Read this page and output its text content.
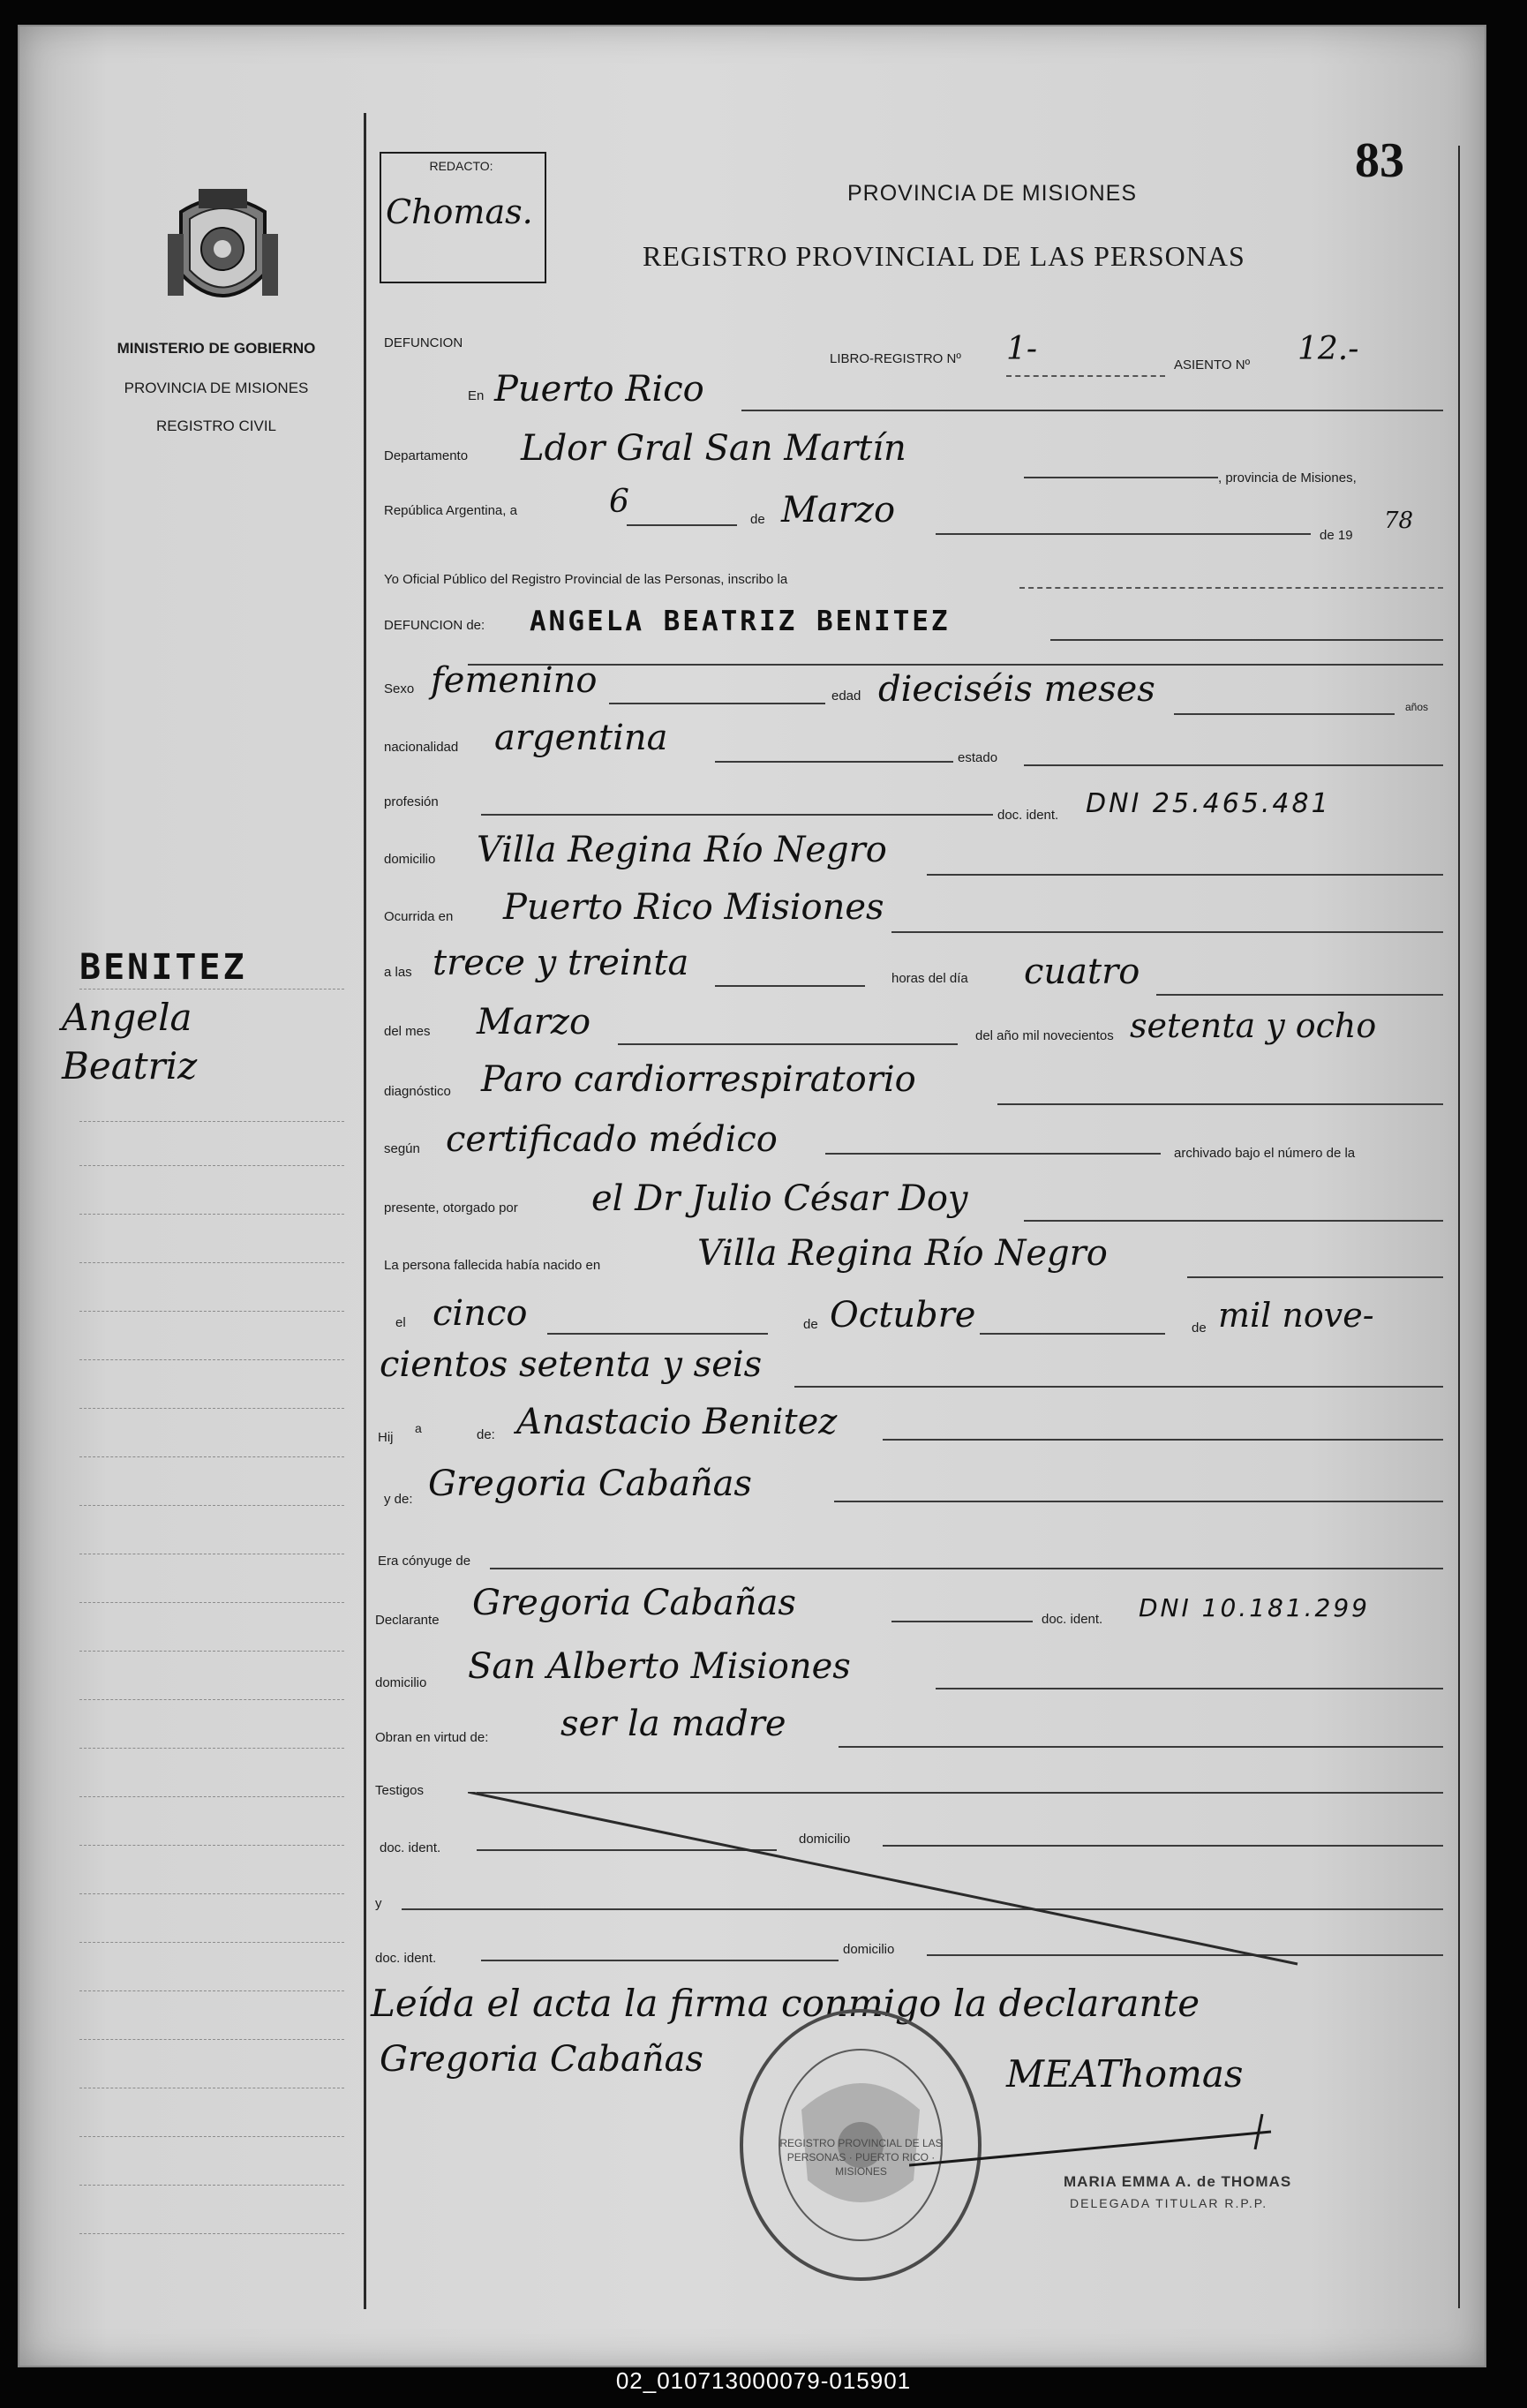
83
REDACTO:
Chomas.	PROVINCIA DE MISIONES
REGISTRO PROVINCIAL DE LAS PERSONAS
MINISTERIO DE GOBIERNO
PROVINCIA DE MISIONES
REGISTRO CIVIL
BENITEZ
Angela
Beatriz
DEFUNCION
LIBRO-REGISTRO Nº 1-	ASIENTO Nº 12.-
En Puerto Rico
Departamento Ldor Gral San Martín
, provincia de Misiones,
República Argentina, a	6	de Marzo
de 19
78
Yo Oficial Público del Registro Provincial de las Personas, inscribo la
DEFUNCION de: ANGELA BEATRIZ BENITEZ
Sexo femenino	edad dieciséis meses	años
nacionalidad argentina	estado
profesión
doc. ident. DNI 25.465.481
domicilio Villa Regina Río Negro
Ocurrida en Puerto Rico Misiones
a las trece y treinta	horas del día cuatro
del mes Marzo	del año mil novecientos setenta y ocho
diagnóstico Paro cardiorrespiratorio
según certificado médico	archivado bajo el número de la
presente, otorgado por el Dr Julio César Doy
La persona fallecida había nacido en	Villa Regina Río Negro
el cinco	de Octubre	de mil nove-
cientos setenta y seis
Hij
a	de: Anastacio Benitez
y de: Gregoria Cabañas
Era cónyuge de
Declarante Gregoria Cabañas	doc. ident. DNI 10.181.299
domicilio San Alberto Misiones
Obran en virtud de: ser la madre
Testigos
doc. ident.
domicilio
y
doc. ident.
domicilio
Leída el acta la firma conmigo la declarante
Gregoria Cabañas
REGISTRO PROVINCIAL DE LAS PERSONAS · PUERTO RICO · MISIONES
MEAThomas
MARIA EMMA A. de THOMAS
DELEGADA TITULAR R.P.P.
02_010713000079-015901
